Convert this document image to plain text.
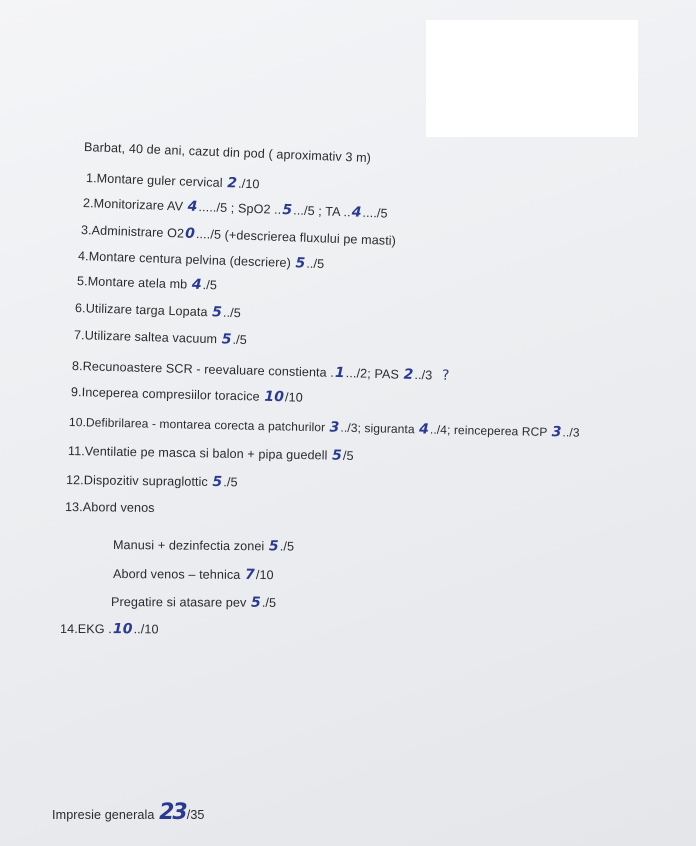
Barbat, 40 de ani, cazut din pod ( aproximativ 3 m)
1.Montare guler cervical 2./10
2.Monitorizare AV 4...../5 ; SpO2 ..5.../5 ; TA ..4..../5
3.Administrare O20..../5 (+descrierea fluxului pe masti)
4.Montare centura pelvina (descriere) 5../5
5.Montare atela mb 4./5
6.Utilizare targa Lopata 5../5
7.Utilizare saltea vacuum 5./5
8.Recunoastere SCR - reevaluare constienta .1.../2; PAS 2../3 ?
9.Inceperea compresiilor toracice 10/10
10.Defibrilarea - montarea corecta a patchurilor 3../3; siguranta 4../4; reinceperea RCP 3../3
11.Ventilatie pe masca si balon + pipa guedell 5/5
12.Dispozitiv supraglottic 5./5
13.Abord venos
Manusi + dezinfectia zonei 5./5
Abord venos – tehnica 7/10
Pregatire si atasare pev 5./5
14.EKG .10../10
Impresie generala 23/35
